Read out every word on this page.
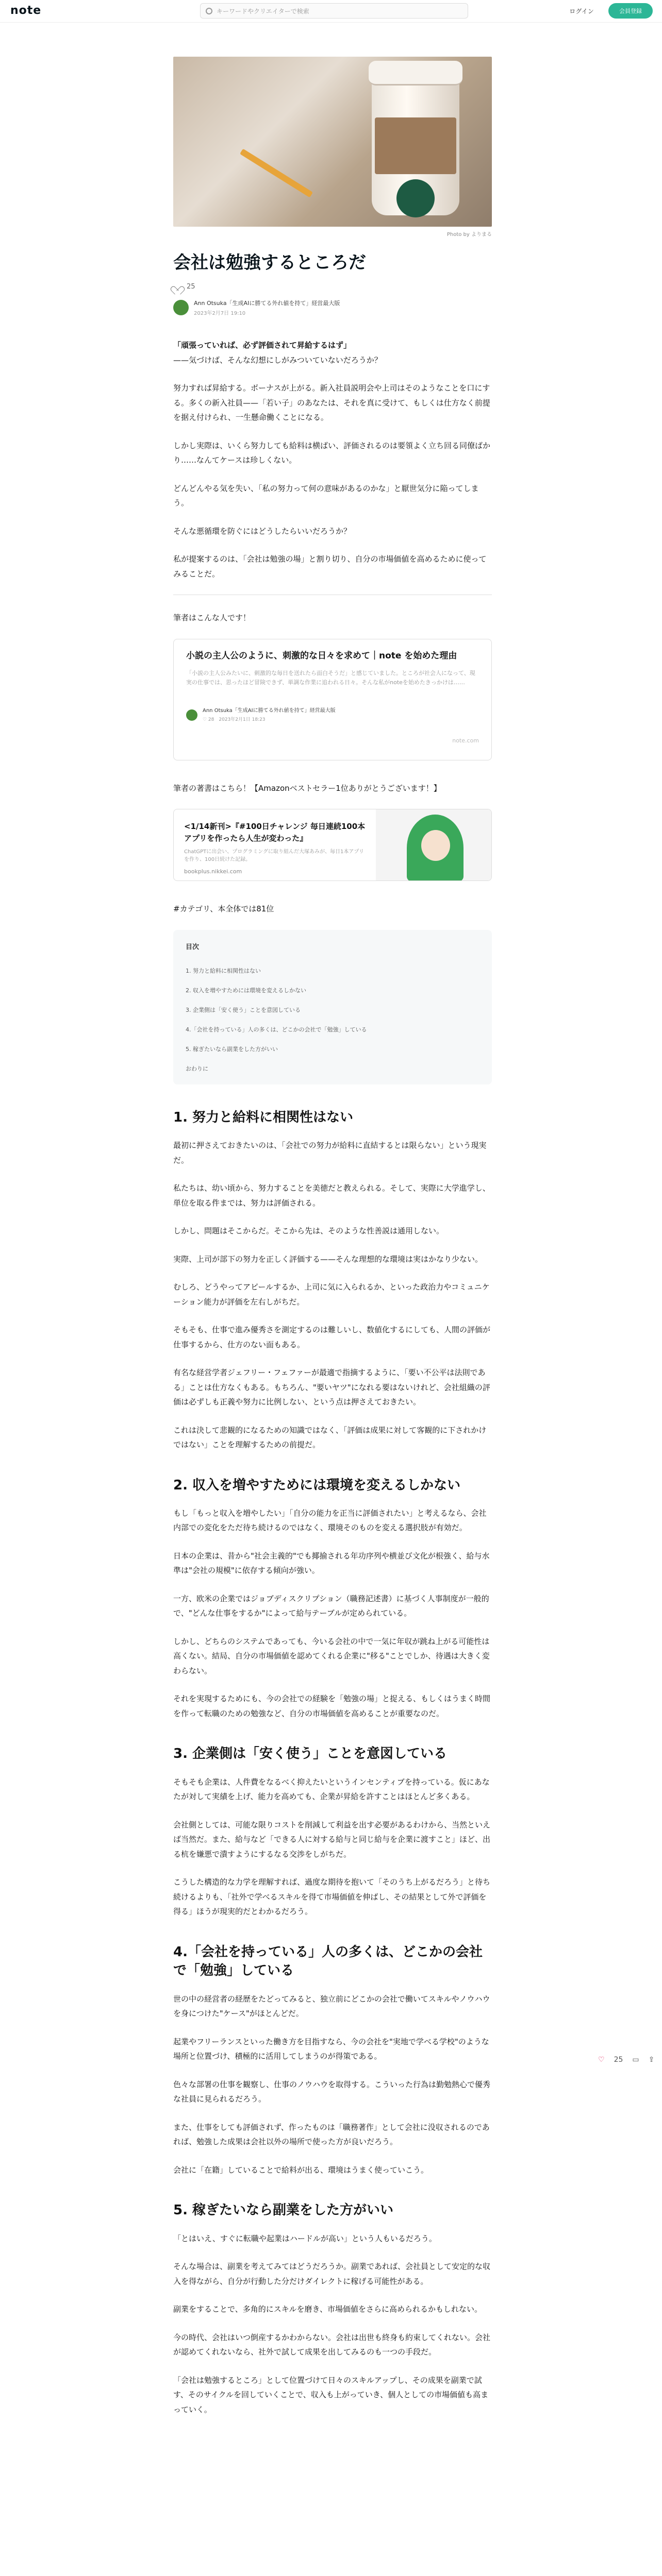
note	キーワードやクリエイターで検索	ログイン	会員登録
Photo by よりまる
会社は勉強するところだ
25
Ann Otsuka「生成AIに勝てる外れ値を持て」経営最大版
2023年2月7日 19:10
「頑張っていれば、必ず評価されて昇給するはず」
——気づけば、そんな幻想にしがみついていないだろうか？
努力すれば昇給する。ボーナスが上がる。新入社員説明会や上司はそのようなことを口にする。多くの新入社員——「若い子」のあなたは、それを真に受けて、もしくは仕方なく前提を据え付けられ、一生懸命働くことになる。
しかし実際は、いくら努力しても給料は横ばい、評価されるのは要領よく立ち回る同僚ばかり……なんてケースは珍しくない。
どんどんやる気を失い、「私の努力って何の意味があるのかな」と厭世気分に陥ってしまう。
そんな悪循環を防ぐにはどうしたらいいだろうか？
私が提案するのは、「会社は勉強の場」と割り切り、自分の市場価値を高めるために使ってみることだ。
筆者はこんな人です！
小説の主人公のように、刺激的な日々を求めて｜note を始めた理由
「小説の主人公みたいに、刺激的な毎日を送れたら面白そうだ」と感じていました。ところが社会人になって、現実の仕事では、思ったほど冒険できず、単調な作業に追われる日々。そんな私がnoteを始めたきっかけは……
Ann Otsuka「生成AIに勝てる外れ値を持て」経営最大版
♡ 28　2023年2月1日 18:23
note.com
筆者の著書はこちら！【Amazonベストセラー1位ありがとうございます！】
<1/14新刊>『#100日チャレンジ 毎日連続100本アプリを作ったら人生が変わった』
ChatGPTに出会い、プログラミングに取り組んだ大塚あみが、毎日1本アプリを作り、100日続けた記録。
bookplus.nikkei.com
#カテゴリ、本全体では81位
目次
1. 努力と給料に相関性はない
2. 収入を増やすためには環境を変えるしかない
3. 企業側は「安く使う」ことを意図している
4.「会社を持っている」人の多くは、どこかの会社で「勉強」している
5. 稼ぎたいなら副業をした方がいい
おわりに
1. 努力と給料に相関性はない
最初に押さえておきたいのは、「会社での努力が給料に直結するとは限らない」という現実だ。
私たちは、幼い頃から、努力することを美徳だと教えられる。そして、実際に大学進学し、単位を取る件までは、努力は評価される。
しかし、問題はそこからだ。そこから先は、そのような性善説は通用しない。
実際、上司が部下の努力を正しく評価する——そんな理想的な環境は実はかなり少ない。
むしろ、どうやってアピールするか、上司に気に入られるか、といった政治力やコミュニケーション能力が評価を左右しがちだ。
そもそも、仕事で進み優秀さを測定するのは難しいし、数値化するにしても、人間の評価が仕事するから、仕方のない面もある。
有名な経営学者ジェフリー・フェファーが最適で指摘するように、「要い不公平は法則である」ことは仕方なくもある。もちろん、"要いヤツ"になれる要はないけれど、会社組織の評価は必ずしも正義や努力に比例しない、という点は押さえておきたい。
これは決して悲観的になるための知識ではなく、「評価は成果に対して客観的に下されかけではない」ことを理解するための前提だ。
2. 収入を増やすためには環境を変えるしかない
もし「もっと収入を増やしたい」「自分の能力を正当に評価されたい」と考えるなら、会社内部での変化をただ待ち続けるのではなく、環境そのものを変える選択肢が有効だ。
日本の企業は、昔から"社会主義的"でも揶揄される年功序列や横並び文化が根強く、給与水準は"会社の規模"に依存する傾向が強い。
一方、欧米の企業ではジョブディスクリプション（職務記述書）に基づく人事制度が一般的で、"どんな仕事をするか"によって給与テーブルが定められている。
しかし、どちらのシステムであっても、今いる会社の中で一気に年収が跳ね上がる可能性は高くない。結局、自分の市場価値を認めてくれる企業に"移る"ことでしか、待遇は大きく変わらない。
それを実現するためにも、今の会社での経験を「勉強の場」と捉える、もしくはうまく時間を作って転職のための勉強など、自分の市場価値を高めることが重要なのだ。
3. 企業側は「安く使う」ことを意図している
そもそも企業は、人件費をなるべく抑えたいというインセンティブを持っている。仮にあなたが対して実績を上げ、能力を高めても、企業が昇給を許すことはほとんど多くある。
会社側としては、可能な限りコストを削減して利益を出す必要があるわけから、当然といえば当然だ。また、給与など「できる人に対する給与と同じ給与を企業に渡すこと」ほど、出る杭を嫌悪で潰すようにするなる交渉をしがちだ。
こうした構造的な力学を理解すれば、過度な期待を抱いて「そのうち上がるだろう」と待ち続けるよりも、「社外で学べるスキルを得て市場価値を伸ばし、その結果として外で評価を得る」ほうが現実的だとわかるだろう。
4.「会社を持っている」人の多くは、どこかの会社で「勉強」している
世の中の経営者の経歴をたどってみると、独立前にどこかの会社で働いてスキルやノウハウを身につけた"ケース"がほとんどだ。
起業やフリーランスといった働き方を目指すなら、今の会社を"実地で学べる学校"のような場所と位置づけ、積極的に活用してしまうのが得策である。
色々な部署の仕事を観察し、仕事のノウハウを取得する。こういった行為は勤勉熱心で優秀な社員に見られるだろう。
また、仕事をしても評価されず、作ったものは「職務著作」として会社に没収されるのであれば、勉強した成果は会社以外の場所で使った方が良いだろう。
会社に「在籍」していることで給料が出る、環境はうまく使っていこう。
5. 稼ぎたいなら副業をした方がいい
「とはいえ、すぐに転職や起業はハードルが高い」という人もいるだろう。
そんな場合は、副業を考えてみてはどうだろうか。副業であれば、会社員として安定的な収入を得ながら、自分が行動した分だけダイレクトに稼げる可能性がある。
副業をすることで、多角的にスキルを磨き、市場価値をさらに高められるかもしれない。
今の時代、会社はいつ倒産するかわからない。会社は出世も終身も約束してくれない。会社が認めてくれないなら、社外で試して成果を出してみるのも一つの手段だ。
「会社は勉強するところ」として位置づけて日々のスキルアップし、その成果を副業で試す、そのサイクルを回していくことで、収入も上がっていき、個人としての市場価値も高まっていく。
♡ 25 ▭ ⇪
